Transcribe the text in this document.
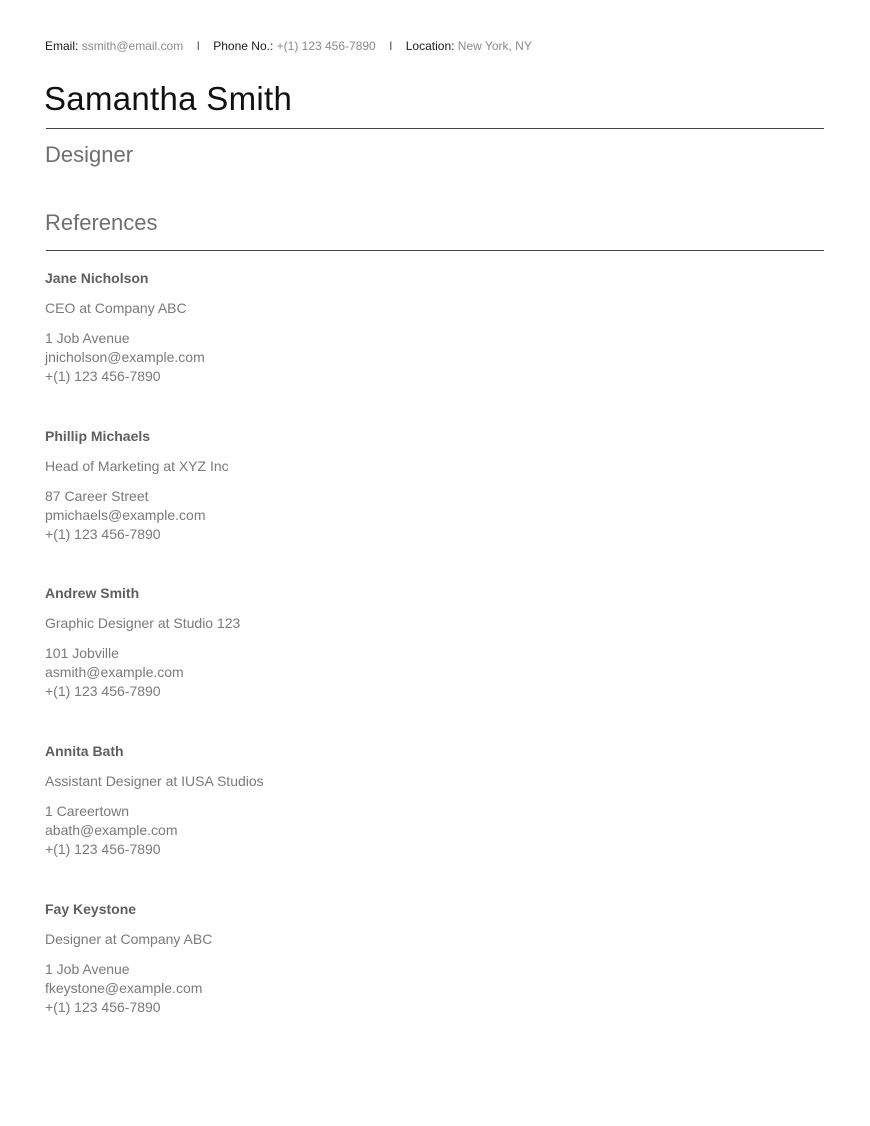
Email: ssmith@email.com I Phone No.: +(1) 123 456-7890 I Location: New York, NY
Samantha Smith
Designer
References
Jane Nicholson
CEO at Company ABC
1 Job Avenue
jnicholson@example.com
+(1) 123 456-7890
Phillip Michaels
Head of Marketing at XYZ Inc
87 Career Street
pmichaels@example.com
+(1) 123 456-7890
Andrew Smith
Graphic Designer at Studio 123
101 Jobville
asmith@example.com
+(1) 123 456-7890
Annita Bath
Assistant Designer at IUSA Studios
1 Careertown
abath@example.com
+(1) 123 456-7890
Fay Keystone
Designer at Company ABC
1 Job Avenue
fkeystone@example.com
+(1) 123 456-7890
